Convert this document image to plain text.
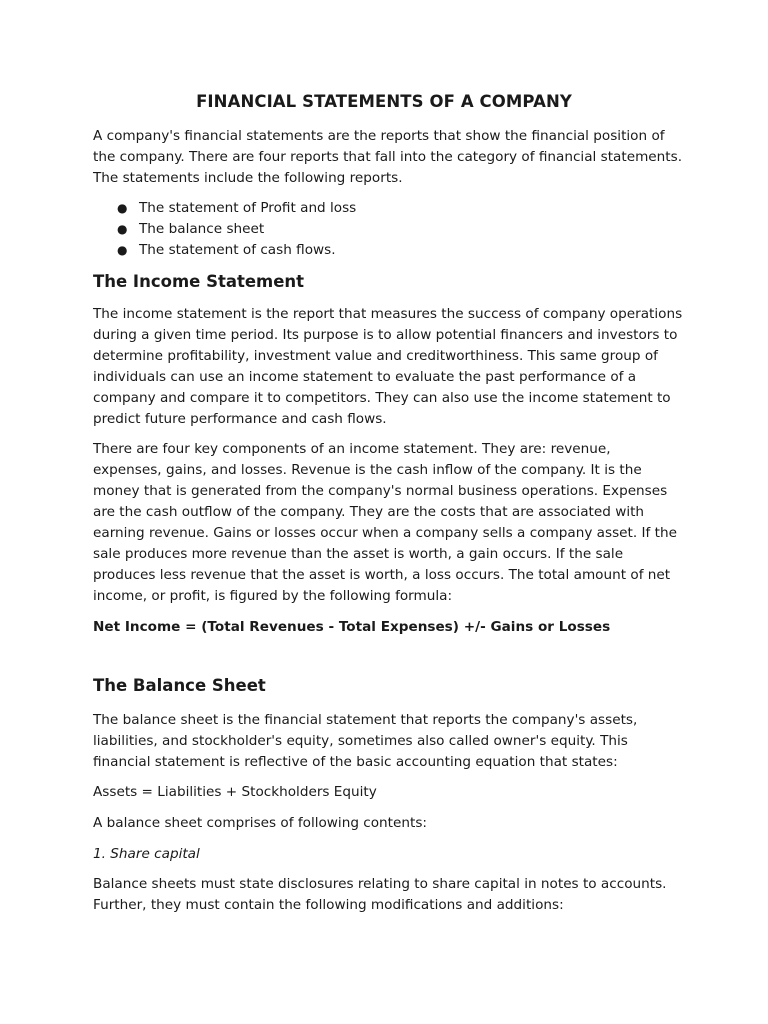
FINANCIAL STATEMENTS OF A COMPANY

A company's financial statements are the reports that show the financial position of the company. There are four reports that fall into the category of financial statements. The statements include the following reports.

● The statement of Profit and loss
● The balance sheet
● The statement of cash flows.
The Income Statement

The income statement is the report that measures the success of company operations during a given time period. Its purpose is to allow potential financers and investors to determine profitability, investment value and creditworthiness. This same group of individuals can use an income statement to evaluate the past performance of a company and compare it to competitors. They can also use the income statement to predict future performance and cash flows.

There are four key components of an income statement. They are: revenue, expenses, gains, and losses. Revenue is the cash inflow of the company. It is the money that is generated from the company's normal business operations. Expenses are the cash outflow of the company. They are the costs that are associated with earning revenue. Gains or losses occur when a company sells a company asset. If the sale produces more revenue than the asset is worth, a gain occurs. If the sale produces less revenue that the asset is worth, a loss occurs. The total amount of net income, or profit, is figured by the following formula:

Net Income = (Total Revenues - Total Expenses) +/- Gains or Losses

The Balance Sheet

The balance sheet is the financial statement that reports the company's assets, liabilities, and stockholder's equity, sometimes also called owner's equity. This financial statement is reflective of the basic accounting equation that states:

Assets = Liabilities + Stockholders Equity

A balance sheet comprises of following contents:

1. Share capital

Balance sheets must state disclosures relating to share capital in notes to accounts. Further, they must contain the following modifications and additions:
